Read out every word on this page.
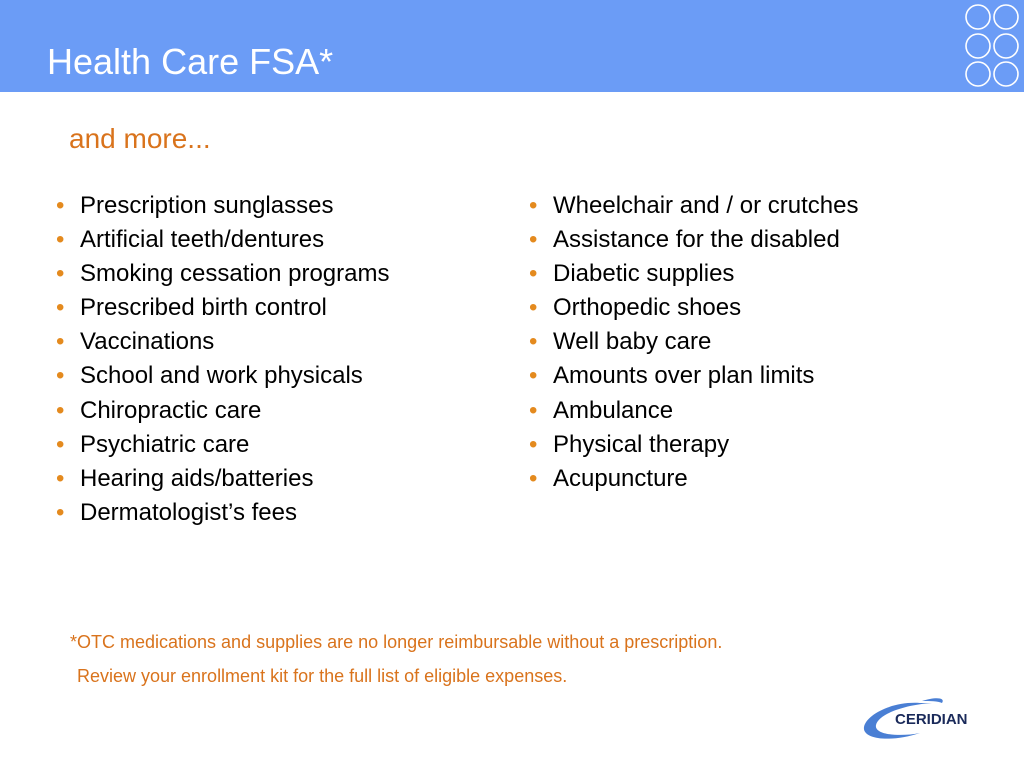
Health Care FSA*
and more...
• Prescription sunglasses
• Artificial teeth/dentures
• Smoking cessation programs
• Prescribed birth control
• Vaccinations
• School and work physicals
• Chiropractic care
• Psychiatric care
• Hearing aids/batteries
• Dermatologist’s fees
• Wheelchair and / or crutches
• Assistance for the disabled
• Diabetic supplies
• Orthopedic shoes
• Well baby care
• Amounts over plan limits
• Ambulance
• Physical therapy
• Acupuncture
*OTC medications and supplies are no longer reimbursable without a prescription.
Review your enrollment kit for the full list of eligible expenses.
CERIDIAN
